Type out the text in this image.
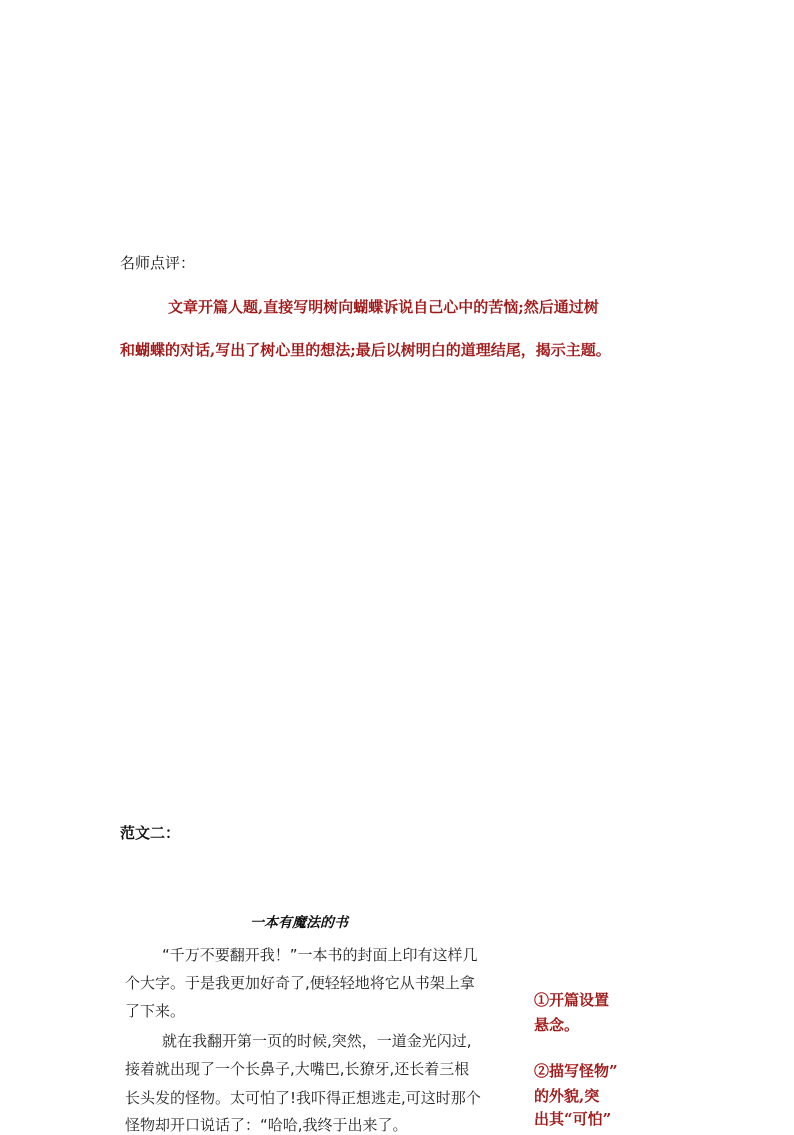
名师点评：
文章开篇人题,直接写明树向蝴蝶诉说自己心中的苦恼;然后通过树
和蝴蝶的对话,写出了树心里的想法;最后以树明白的道理结尾，揭示主题。
范文二：
一本有魔法的书
“千万不要翻开我！”一本书的封面上印有这样几
个大字。于是我更加好奇了,便轻轻地将它从书架上拿
了下来。
就在我翻开第一页的时候,突然，一道金光闪过,
接着就出现了一个长鼻子,大嘴巴,长獠牙,还长着三根
长头发的怪物。太可怕了!我吓得正想逃走,可这时那个
怪物却开口说话了：“哈哈,我终于出来了。
①开篇设置
悬念。
②描写怪物”
的外貌,突
出其“可怕”
